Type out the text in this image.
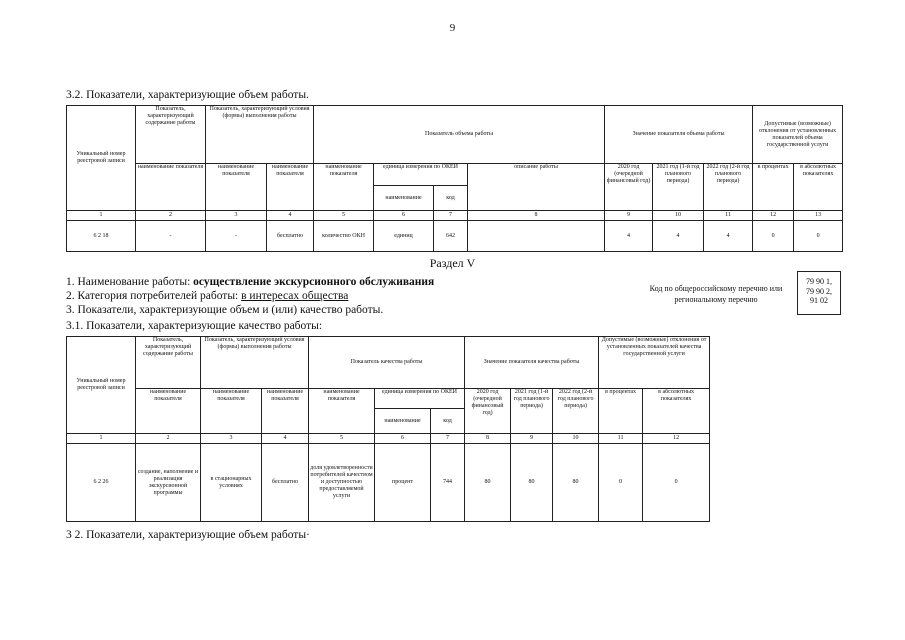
9
3.2. Показатели, характеризующие объем работы.
Уникальный номер реестровой записи	Показатель, характеризующий содержание работы	Показатель, характеризующий условия (формы) выполнения работы		Показатель объема работы				Значение показателя объема работы			Допустимые (возможные) отклонения от установленных показателей объема государственной услуги	
	наименование показателя	наименование показателя	наименование показателя	наименование показателя	единица измерения по ОКЕИ		описание работы	2020 год (очередной финансовый год)	2021 год (1-й год планового периода)	2022 год (2-й год планового периода)	в процентах	в абсолютных показателях
					наименование	код						
1	2	3	4	5	6	7	8	9	10	11	12	13
6 2 18	-	-	бесплатно	количество ОКН	единиц	642		4	4	4	0	0
Раздел V
1. Наименование работы: осуществление экскурсионного обслуживания
2. Категория потребителей работы: в интересах общества
3. Показатели, характеризующие объем и (или) качество работы.
Код по общероссийскому перечню или региональному перечню
79 90 1,
79 90 2,
91 02
3.1. Показатели, характеризующие качество работы:
Уникальный номер реестровой записи	Показатель, характеризующий содержание работы	Показатель, характеризующий условия (формы) выполнения работы		Показатель качества работы			Значение показателя качества работы			Допустимые (возможные) отклонения от установленных показателей качества государственной услуги	
	наименование показателя	наименование показателя	наименование показателя	наименование показателя	единица измерения по ОКЕИ		2020 год (очередной финансовый год)	2021 год (1-й год планового периода)	2022 год (2-й год планового периода)	в процентах	в абсолютных показателях
					наименование	код					
1	2	3	4	5	6	7	8	9	10	11	12
6 2 26	создание, наполнение и реализация экскурсионной программы	в стационарных условиях	бесплатно	доля удовлетворенности потребителей качеством и доступностью предоставляемой услуги	процент	744	80	80	80	0	0
3 2. Показатели, характеризующие объем работы·
